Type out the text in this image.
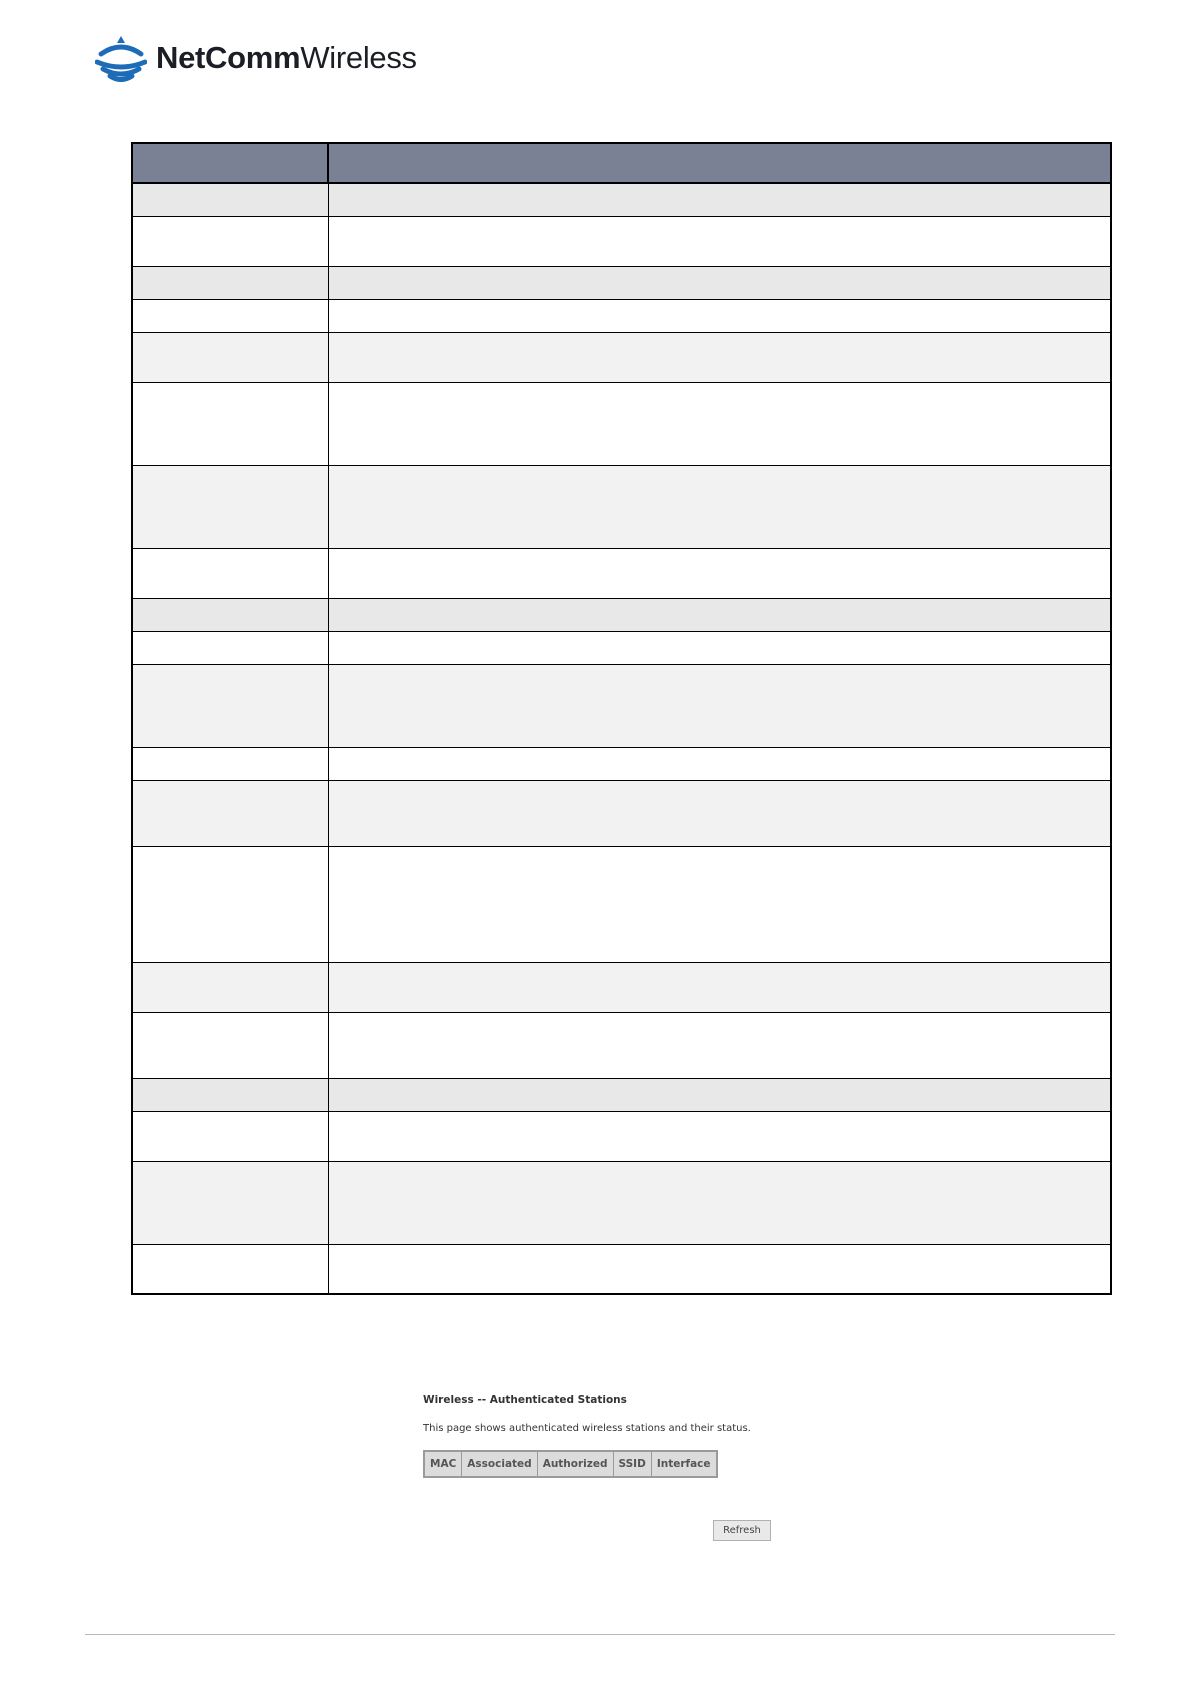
NetCommWireless

Wireless -- Authenticated Stations
This page shows authenticated wireless stations and their status.
MAC	Associated	Authorized	SSID	Interface
Refresh
